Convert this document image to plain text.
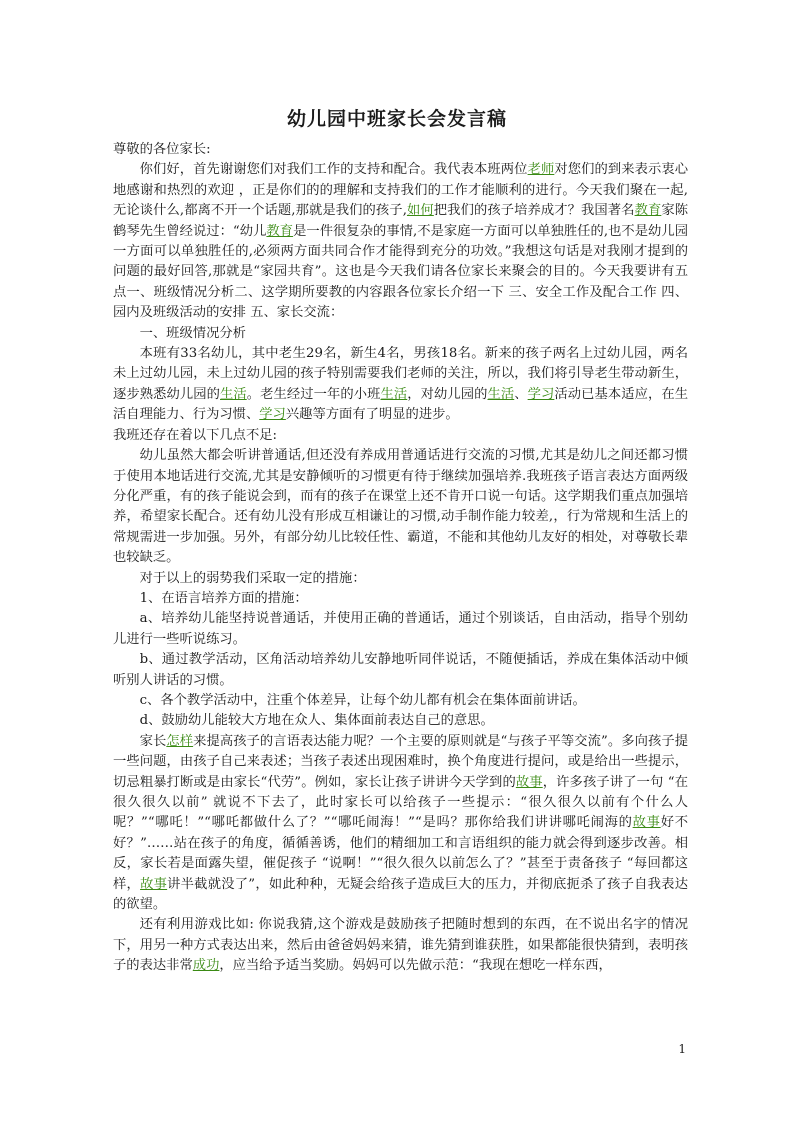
幼儿园中班家长会发言稿

尊敬的各位家长:

你们好，首先谢谢您们对我们工作的支持和配合。我代表本班两位老师对您们的到来表示衷心地感谢和热烈的欢迎 ，正是你们的的理解和支持我们的工作才能顺利的进行。今天我们聚在一起,无论谈什么,都离不开一个话题,那就是我们的孩子,如何把我们的孩子培养成才？我国著名教育家陈鹤琴先生曾经说过：“幼儿教育是一件很复杂的事情,不是家庭一方面可以单独胜任的,也不是幼儿园一方面可以单独胜任的,必须两方面共同合作才能得到充分的功效。”我想这句话是对我刚才提到的问题的最好回答,那就是“家园共育”。这也是今天我们请各位家长来聚会的目的。今天我要讲有五点一、班级情况分析二、这学期所要教的内容跟各位家长介绍一下 三、安全工作及配合工作 四、园内及班级活动的安排 五、家长交流：

一、班级情况分析

本班有33名幼儿，其中老生29名，新生4名，男孩18名。新来的孩子两名上过幼儿园，两名未上过幼儿园，未上过幼儿园的孩子特别需要我们老师的关注，所以，我们将引导老生带动新生，逐步熟悉幼儿园的生活。老生经过一年的小班生活，对幼儿园的生活、学习活动已基本适应，在生活自理能力、行为习惯、学习兴趣等方面有了明显的进步。

我班还存在着以下几点不足:

幼儿虽然大都会听讲普通话,但还没有养成用普通话进行交流的习惯,尤其是幼儿之间还都习惯于使用本地话进行交流,尤其是安静倾听的习惯更有待于继续加强培养.我班孩子语言表达方面两级分化严重，有的孩子能说会到，而有的孩子在课堂上还不肯开口说一句话。这学期我们重点加强培养，希望家长配合。还有幼儿没有形成互相谦让的习惯,动手制作能力较差,，行为常规和生活上的常规需进一步加强。另外，有部分幼儿比较任性、霸道，不能和其他幼儿友好的相处，对尊敬长辈也较缺乏。

对于以上的弱势我们采取一定的措施：

1、在语言培养方面的措施：

a、培养幼儿能坚持说普通话，并使用正确的普通话，通过个别谈话，自由活动，指导个别幼儿进行一些听说练习。

b、通过教学活动，区角活动培养幼儿安静地听同伴说话，不随便插话，养成在集体活动中倾听别人讲话的习惯。

c、各个教学活动中，注重个体差异，让每个幼儿都有机会在集体面前讲话。

d、鼓励幼儿能较大方地在众人、集体面前表达自己的意思。

家长怎样来提高孩子的言语表达能力呢？一个主要的原则就是“与孩子平等交流”。多向孩子提一些问题，由孩子自己来表述；当孩子表述出现困难时，换个角度进行提问，或是给出一些提示，切忌粗暴打断或是由家长“代劳”。例如，家长让孩子讲讲今天学到的故事，许多孩子讲了一句 “在很久很久以前” 就说不下去了，此时家长可以给孩子一些提示：“很久很久以前有个什么人呢？”“哪吒！”“哪吒都做什么了？”“哪吒闹海！”“是吗？那你给我们讲讲哪吒闹海的故事好不好？”……站在孩子的角度，循循善诱，他们的精细加工和言语组织的能力就会得到逐步改善。相反，家长若是面露失望，催促孩子 “说啊！”“很久很久以前怎么了？”甚至于责备孩子 “每回都这样，故事讲半截就没了”，如此种种，无疑会给孩子造成巨大的压力，并彻底扼杀了孩子自我表达的欲望。

还有利用游戏比如: 你说我猜,这个游戏是鼓励孩子把随时想到的东西，在不说出名字的情况下，用另一种方式表达出来，然后由爸爸妈妈来猜，谁先猜到谁获胜，如果都能很快猜到，表明孩子的表达非常成功，应当给予适当奖励。妈妈可以先做示范：“我现在想吃一样东西，

1
